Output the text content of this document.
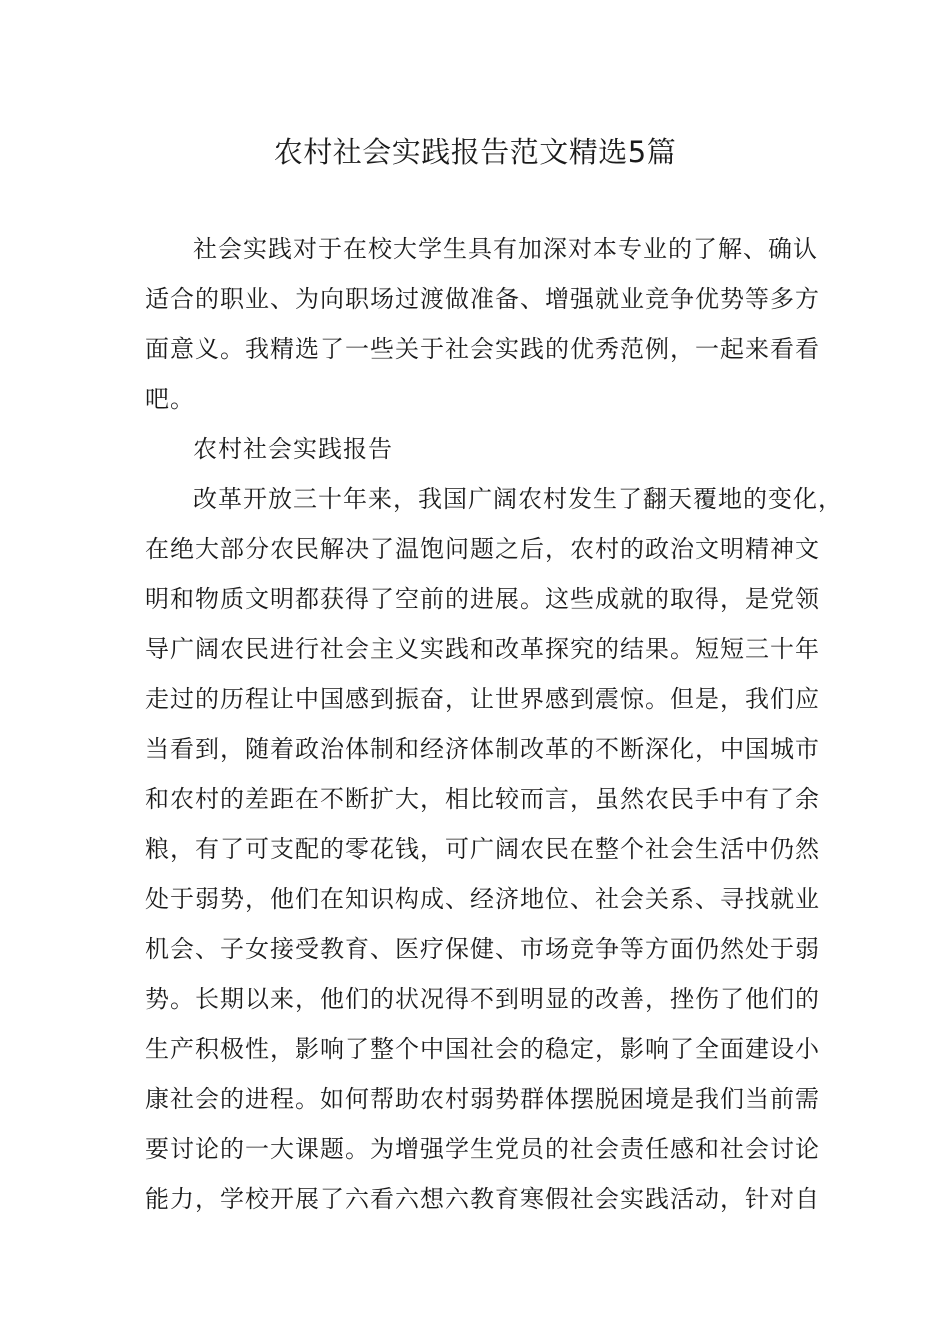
农村社会实践报告范文精选5篇
社会实践对于在校大学生具有加深对本专业的了解、确认
适合的职业、为向职场过渡做准备、增强就业竞争优势等多方
面意义。我精选了一些关于社会实践的优秀范例，一起来看看
吧。
农村社会实践报告
改革开放三十年来，我国广阔农村发生了翻天覆地的变化，
在绝大部分农民解决了温饱问题之后，农村的政治文明精神文
明和物质文明都获得了空前的进展。这些成就的取得，是党领
导广阔农民进行社会主义实践和改革探究的结果。短短三十年
走过的历程让中国感到振奋，让世界感到震惊。但是，我们应
当看到，随着政治体制和经济体制改革的不断深化，中国城市
和农村的差距在不断扩大，相比较而言，虽然农民手中有了余
粮，有了可支配的零花钱，可广阔农民在整个社会生活中仍然
处于弱势，他们在知识构成、经济地位、社会关系、寻找就业
机会、子女接受教育、医疗保健、市场竞争等方面仍然处于弱
势。长期以来，他们的状况得不到明显的改善，挫伤了他们的
生产积极性，影响了整个中国社会的稳定，影响了全面建设小
康社会的进程。如何帮助农村弱势群体摆脱困境是我们当前需
要讨论的一大课题。为增强学生党员的社会责任感和社会讨论
能力，学校开展了六看六想六教育寒假社会实践活动，针对自
